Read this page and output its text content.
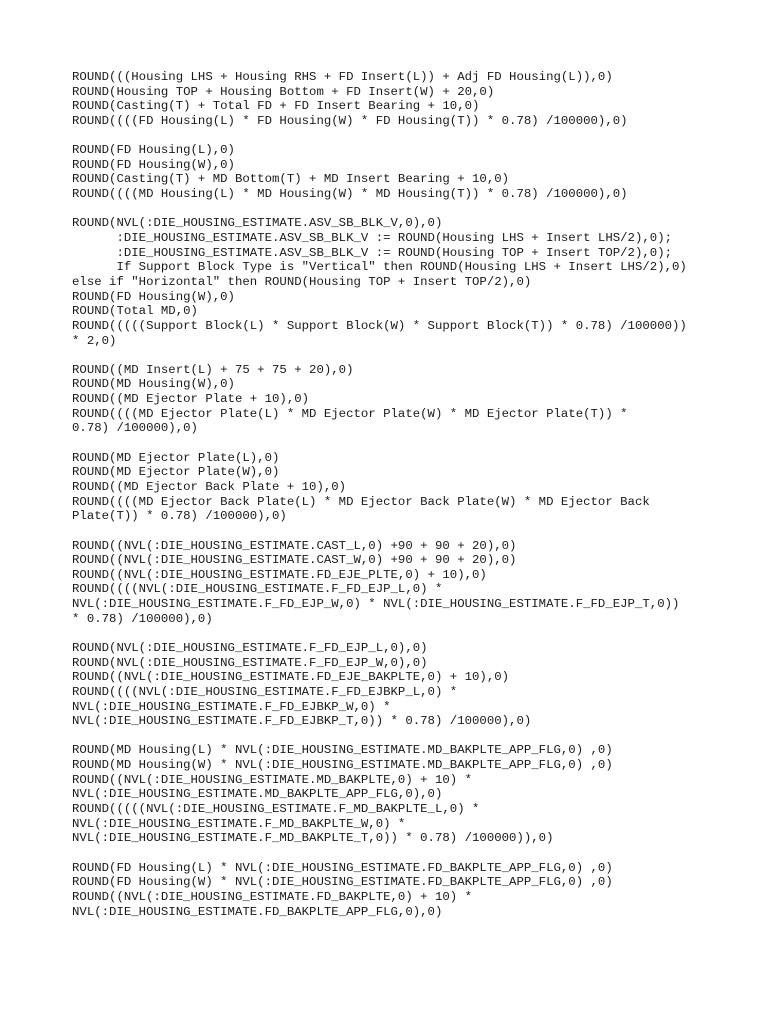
ROUND(((Housing LHS + Housing RHS + FD Insert(L)) + Adj FD Housing(L)),0)
ROUND(Housing TOP + Housing Bottom + FD Insert(W) + 20,0)
ROUND(Casting(T) + Total FD + FD Insert Bearing + 10,0)
ROUND((((FD Housing(L) * FD Housing(W) * FD Housing(T)) * 0.78) /100000),0)
ROUND(FD Housing(L),0)
ROUND(FD Housing(W),0)
ROUND(Casting(T) + MD Bottom(T) + MD Insert Bearing + 10,0)
ROUND((((MD Housing(L) * MD Housing(W) * MD Housing(T)) * 0.78) /100000),0)
ROUND(NVL(:DIE_HOUSING_ESTIMATE.ASV_SB_BLK_V,0),0)
:DIE_HOUSING_ESTIMATE.ASV_SB_BLK_V := ROUND(Housing LHS + Insert LHS/2),0);
:DIE_HOUSING_ESTIMATE.ASV_SB_BLK_V := ROUND(Housing TOP + Insert TOP/2),0);
If Support Block Type is "Vertical" then ROUND(Housing LHS + Insert LHS/2),0)
else if "Horizontal" then ROUND(Housing TOP + Insert TOP/2),0)
ROUND(FD Housing(W),0)
ROUND(Total MD,0)
ROUND(((((Support Block(L) * Support Block(W) * Support Block(T)) * 0.78) /100000))
* 2,0)
ROUND((MD Insert(L) + 75 + 75 + 20),0)
ROUND(MD Housing(W),0)
ROUND((MD Ejector Plate + 10),0)
ROUND((((MD Ejector Plate(L) * MD Ejector Plate(W) * MD Ejector Plate(T)) *
0.78) /100000),0)
ROUND(MD Ejector Plate(L),0)
ROUND(MD Ejector Plate(W),0)
ROUND((MD Ejector Back Plate + 10),0)
ROUND((((MD Ejector Back Plate(L) * MD Ejector Back Plate(W) * MD Ejector Back
Plate(T)) * 0.78) /100000),0)
ROUND((NVL(:DIE_HOUSING_ESTIMATE.CAST_L,0) +90 + 90 + 20),0)
ROUND((NVL(:DIE_HOUSING_ESTIMATE.CAST_W,0) +90 + 90 + 20),0)
ROUND((NVL(:DIE_HOUSING_ESTIMATE.FD_EJE_PLTE,0) + 10),0)
ROUND((((NVL(:DIE_HOUSING_ESTIMATE.F_FD_EJP_L,0) *
NVL(:DIE_HOUSING_ESTIMATE.F_FD_EJP_W,0) * NVL(:DIE_HOUSING_ESTIMATE.F_FD_EJP_T,0))
* 0.78) /100000),0)
ROUND(NVL(:DIE_HOUSING_ESTIMATE.F_FD_EJP_L,0),0)
ROUND(NVL(:DIE_HOUSING_ESTIMATE.F_FD_EJP_W,0),0)
ROUND((NVL(:DIE_HOUSING_ESTIMATE.FD_EJE_BAKPLTE,0) + 10),0)
ROUND((((NVL(:DIE_HOUSING_ESTIMATE.F_FD_EJBKP_L,0) *
NVL(:DIE_HOUSING_ESTIMATE.F_FD_EJBKP_W,0) *
NVL(:DIE_HOUSING_ESTIMATE.F_FD_EJBKP_T,0)) * 0.78) /100000),0)
ROUND(MD Housing(L) * NVL(:DIE_HOUSING_ESTIMATE.MD_BAKPLTE_APP_FLG,0) ,0)
ROUND(MD Housing(W) * NVL(:DIE_HOUSING_ESTIMATE.MD_BAKPLTE_APP_FLG,0) ,0)
ROUND((NVL(:DIE_HOUSING_ESTIMATE.MD_BAKPLTE,0) + 10) *
NVL(:DIE_HOUSING_ESTIMATE.MD_BAKPLTE_APP_FLG,0),0)
ROUND(((((NVL(:DIE_HOUSING_ESTIMATE.F_MD_BAKPLTE_L,0) *
NVL(:DIE_HOUSING_ESTIMATE.F_MD_BAKPLTE_W,0) *
NVL(:DIE_HOUSING_ESTIMATE.F_MD_BAKPLTE_T,0)) * 0.78) /100000)),0)
ROUND(FD Housing(L) * NVL(:DIE_HOUSING_ESTIMATE.FD_BAKPLTE_APP_FLG,0) ,0)
ROUND(FD Housing(W) * NVL(:DIE_HOUSING_ESTIMATE.FD_BAKPLTE_APP_FLG,0) ,0)
ROUND((NVL(:DIE_HOUSING_ESTIMATE.FD_BAKPLTE,0) + 10) *
NVL(:DIE_HOUSING_ESTIMATE.FD_BAKPLTE_APP_FLG,0),0)
